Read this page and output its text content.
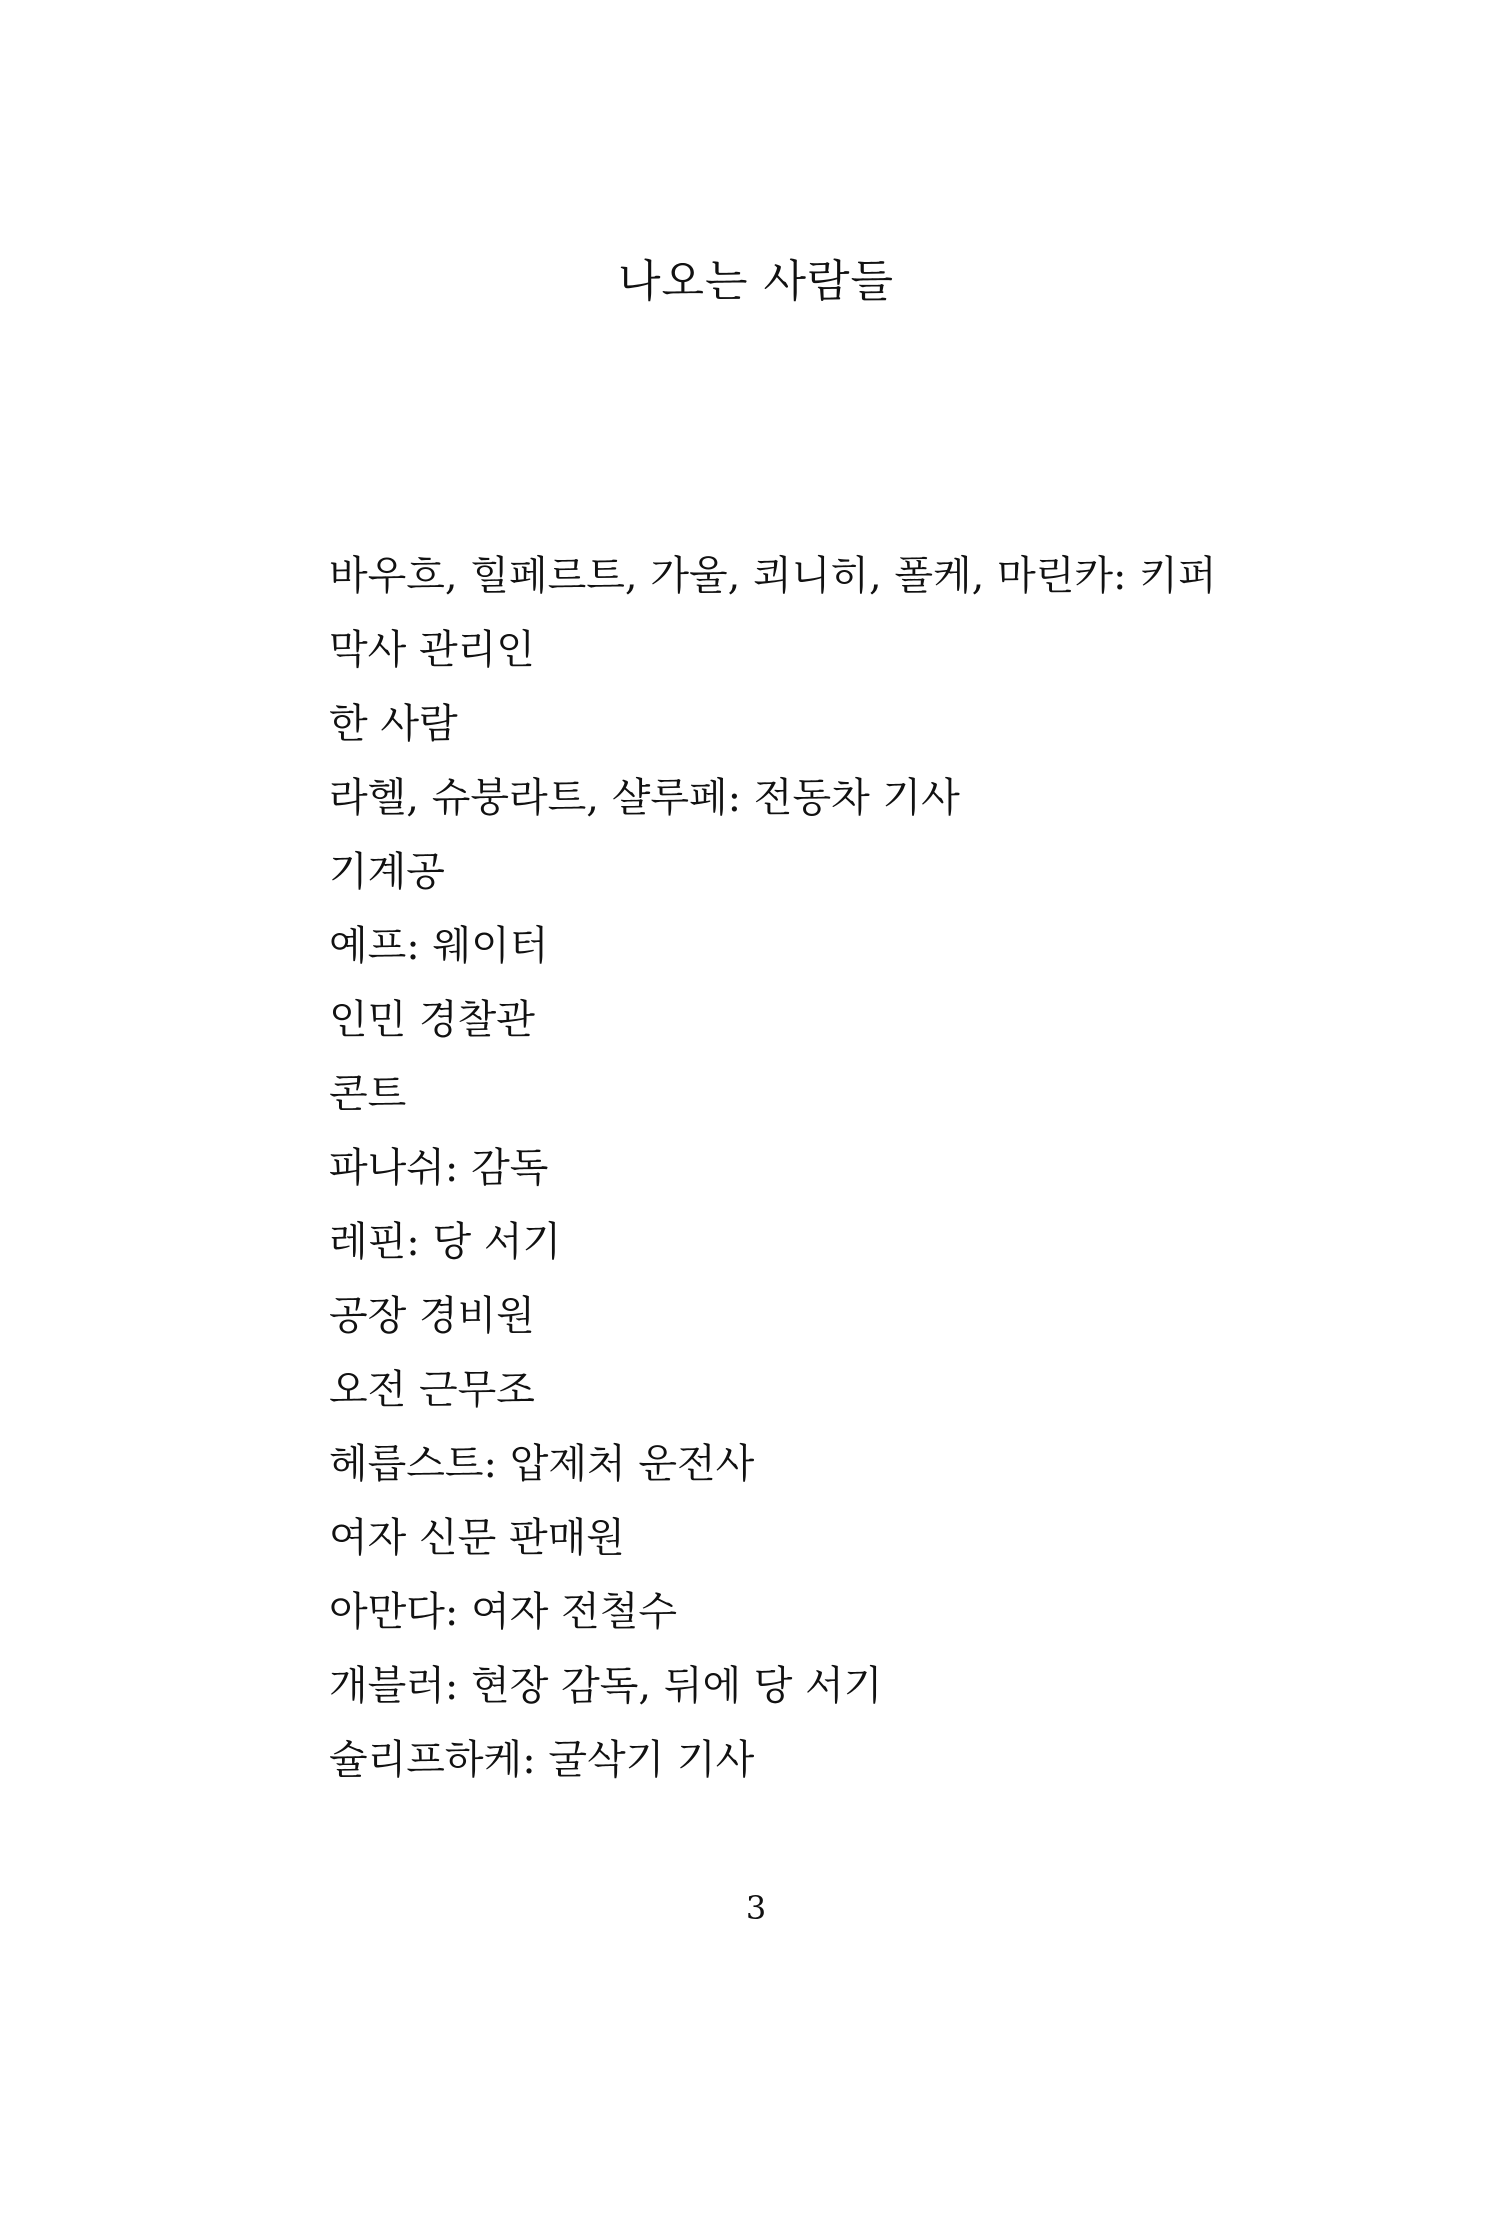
나오는 사람들
바우흐, 힐페르트, 가울, 쾨니히, 폴케, 마린카: 키퍼
막사 관리인
한 사람
라헬, 슈붕라트, 샬루페: 전동차 기사
기계공
예프: 웨이터
인민 경찰관
콘트
파나쉬: 감독
레핀: 당 서기
공장 경비원
오전 근무조
헤릅스트: 압제처 운전사
여자 신문 판매원
아만다: 여자 전철수
개블러: 현장 감독, 뒤에 당 서기
슐리프하케: 굴삭기 기사
3
